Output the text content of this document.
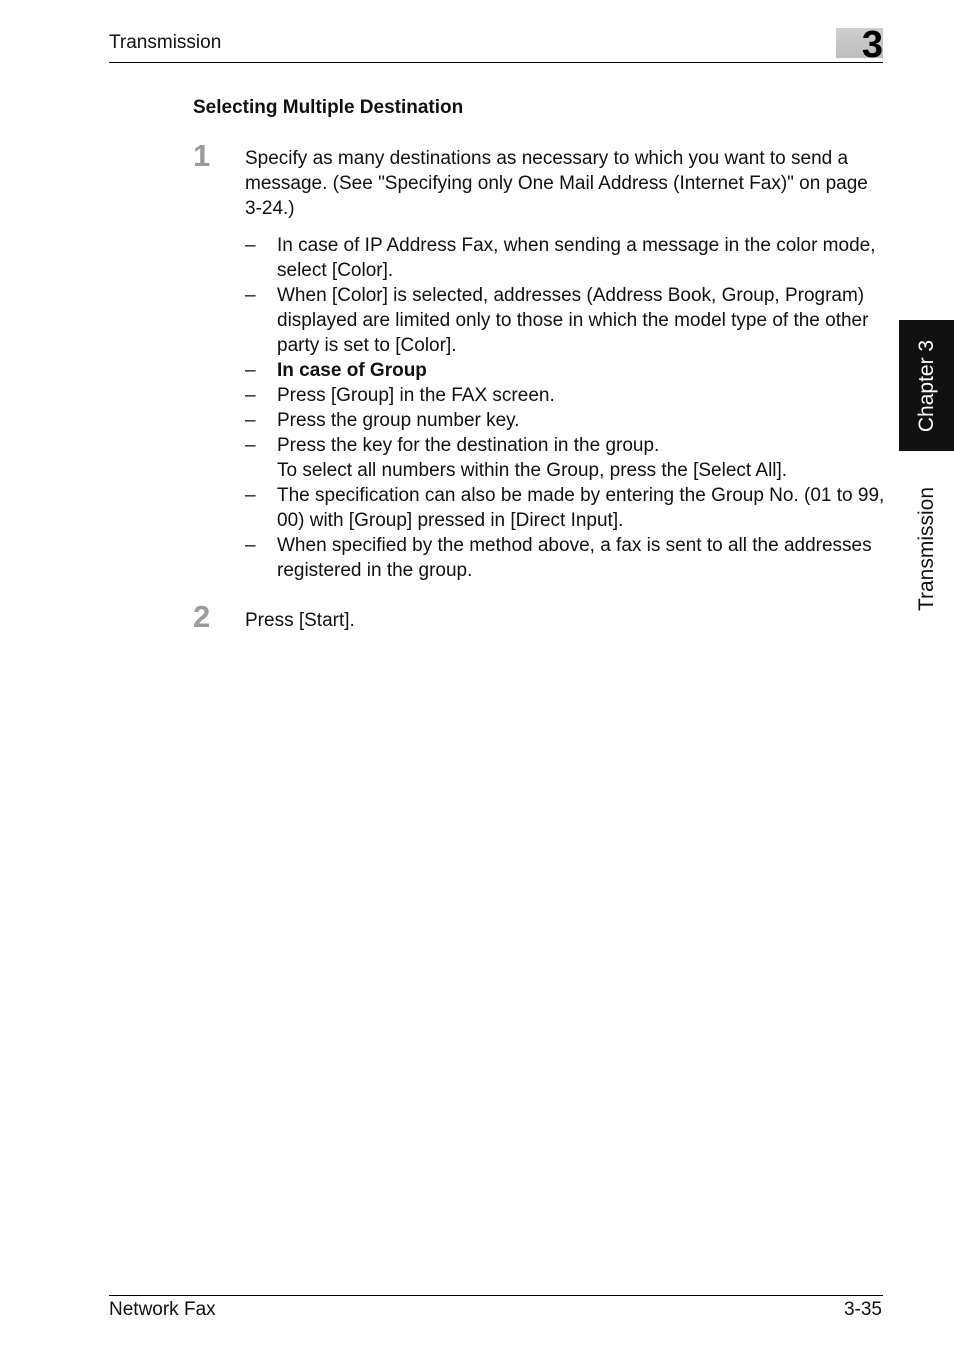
Transmission	3
Selecting Multiple Destination
1 Specify as many destinations as necessary to which you want to send a message. (See "Specifying only One Mail Address (Internet Fax)" on page 3-24.)
– In case of IP Address Fax, when sending a message in the color mode, select [Color].
– When [Color] is selected, addresses (Address Book, Group, Program) displayed are limited only to those in which the model type of the other party is set to [Color].
– In case of Group
– Press [Group] in the FAX screen.
– Press the group number key.
– Press the key for the destination in the group.
To select all numbers within the Group, press the [Select All].
– The specification can also be made by entering the Group No. (01 to 99, 00) with [Group] pressed in [Direct Input].
– When specified by the method above, a fax is sent to all the addresses registered in the group.
2 Press [Start].
Chapter 3
Transmission
Network Fax	3-35
